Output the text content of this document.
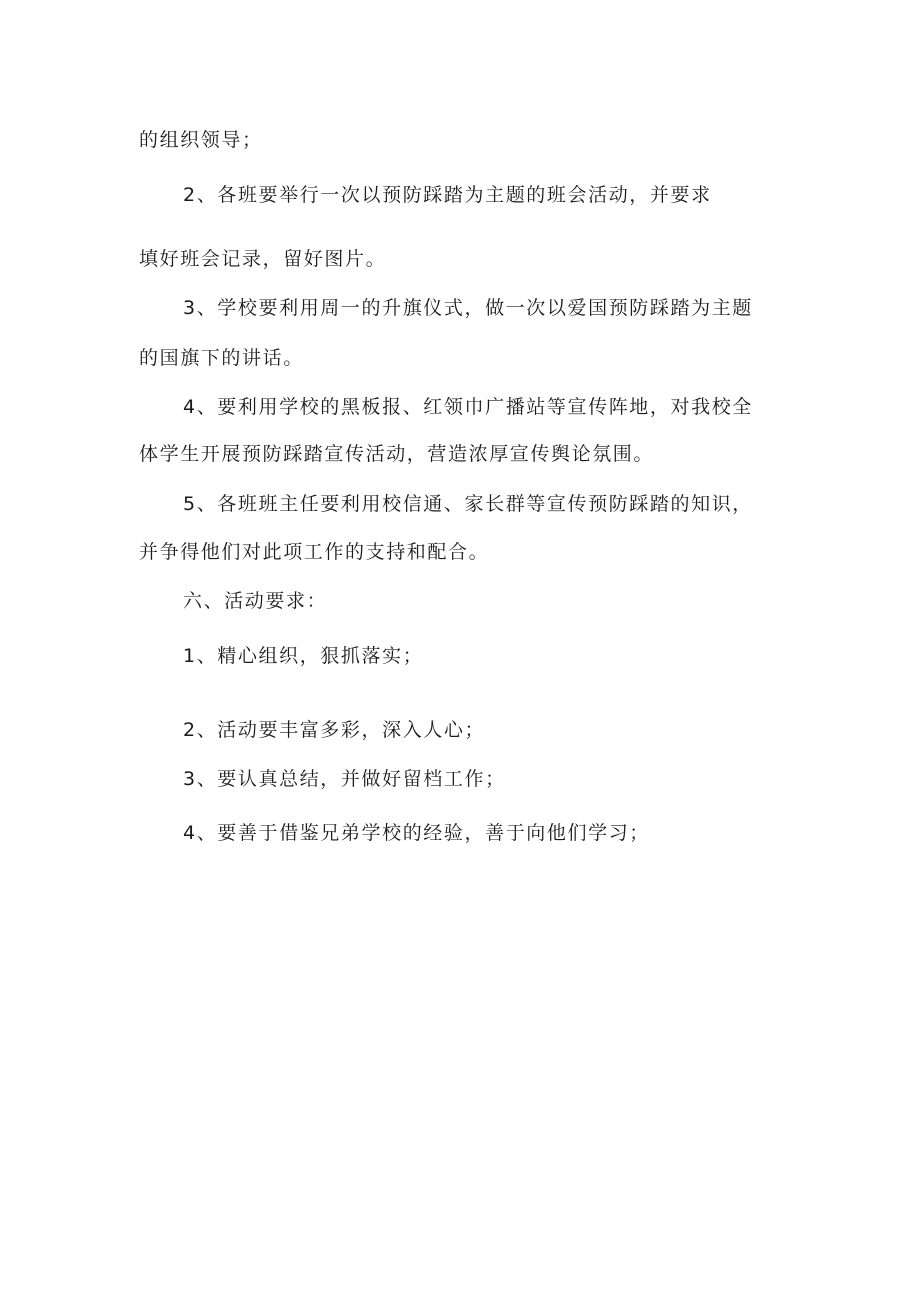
的组织领导；
2、各班要举行一次以预防踩踏为主题的班会活动，并要求
填好班会记录，留好图片。
3、学校要利用周一的升旗仪式，做一次以爱国预防踩踏为主题
的国旗下的讲话。
4、要利用学校的黑板报、红领巾广播站等宣传阵地，对我校全
体学生开展预防踩踏宣传活动，营造浓厚宣传舆论氛围。
5、各班班主任要利用校信通、家长群等宣传预防踩踏的知识，
并争得他们对此项工作的支持和配合。
六、活动要求：
1、精心组织，狠抓落实；
2、活动要丰富多彩，深入人心；
3、要认真总结，并做好留档工作；
4、要善于借鉴兄弟学校的经验，善于向他们学习；
